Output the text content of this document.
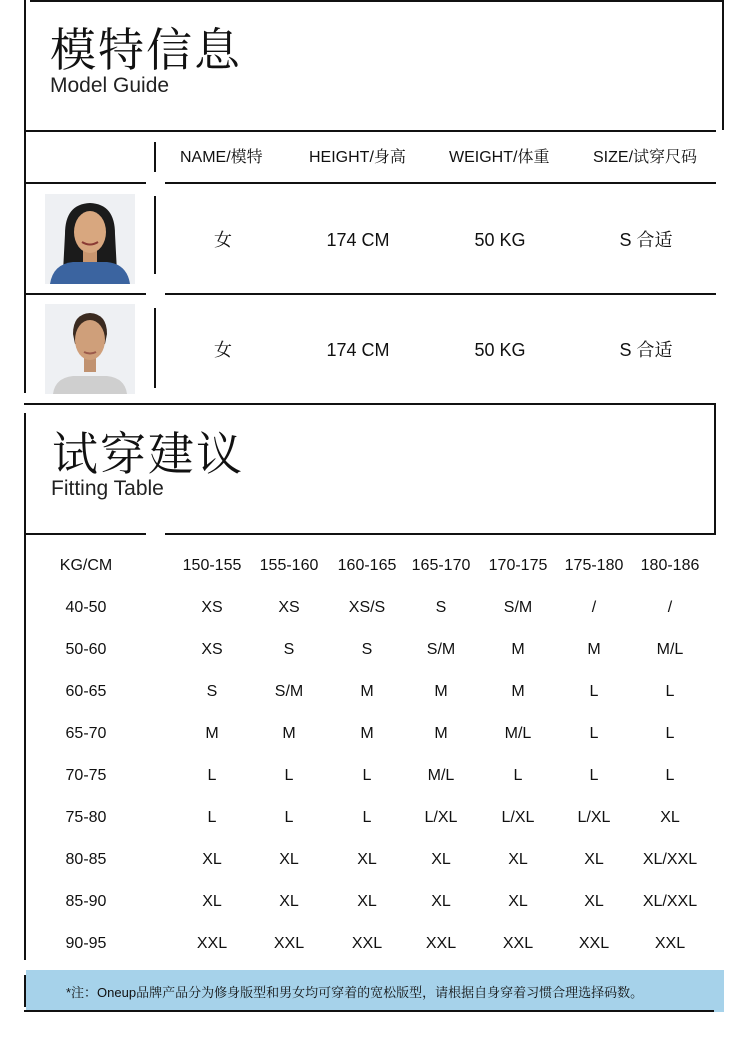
模特信息
Model Guide
NAME/模特	HEIGHT/身高	WEIGHT/体重	SIZE/试穿尺码
女	174 CM	50 KG	S 合适
女	174 CM	50 KG	S 合适
试穿建议
Fitting Table
KG/CM	150-155	155-160	160-165 165-170	170-175	175-180	180-186
40-50	XS	XS	XS/S	S	S/M	/	/
50-60	XS	S	S	S/M	M	M	M/L
60-65	S	S/M	M	M	M	L	L
65-70	M	M	M	M	M/L	L	L
70-75	L	L	L	M/L	L	L	L
75-80	L	L	L	L/XL	L/XL	L/XL	XL
80-85	XL	XL	XL	XL	XL	XL	XL/XXL
85-90	XL	XL	XL	XL	XL	XL	XL/XXL
90-95	XXL	XXL	XXL	XXL	XXL	XXL	XXL
*注：Oneup品牌产品分为修身版型和男女均可穿着的宽松版型，请根据自身穿着习惯合理选择码数。
